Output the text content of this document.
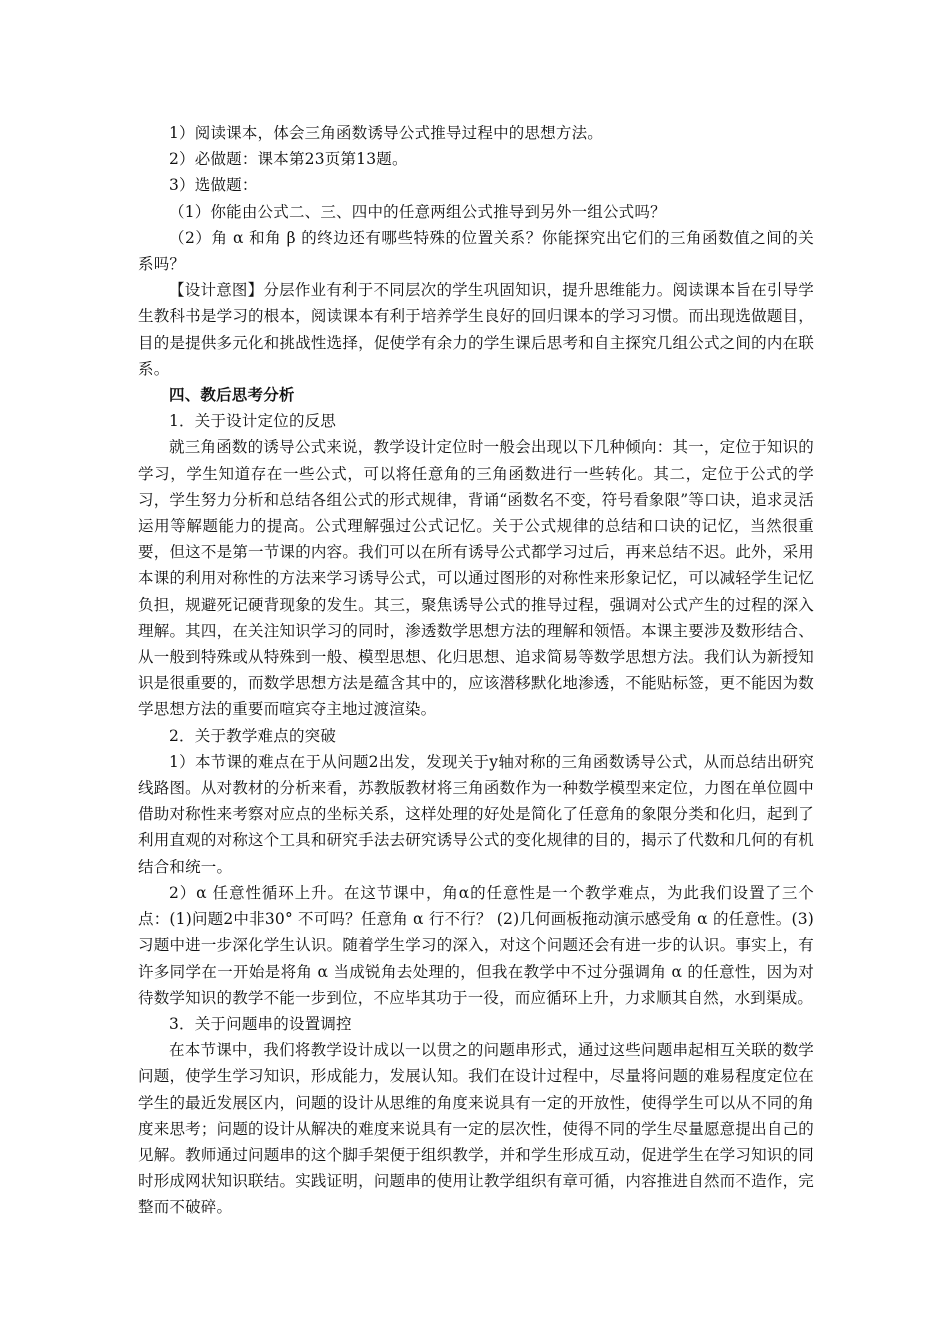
1）阅读课本，体会三角函数诱导公式推导过程中的思想方法。

2）必做题：课本第23页第13题。

3）选做题：

（1）你能由公式二、三、四中的任意两组公式推导到另外一组公式吗？

（2）角 α 和角 β 的终边还有哪些特殊的位置关系？你能探究出它们的三角函数值之间的关系吗？

【设计意图】分层作业有利于不同层次的学生巩固知识，提升思维能力。阅读课本旨在引导学生教科书是学习的根本，阅读课本有利于培养学生良好的回归课本的学习习惯。而出现选做题目，目的是提供多元化和挑战性选择，促使学有余力的学生课后思考和自主探究几组公式之间的内在联系。

四、教后思考分析

1．关于设计定位的反思

就三角函数的诱导公式来说，教学设计定位时一般会出现以下几种倾向：其一，定位于知识的学习，学生知道存在一些公式，可以将任意角的三角函数进行一些转化。其二，定位于公式的学习，学生努力分析和总结各组公式的形式规律，背诵“函数名不变，符号看象限”等口诀，追求灵活运用等解题能力的提高。公式理解强过公式记忆。关于公式规律的总结和口诀的记忆，当然很重要，但这不是第一节课的内容。我们可以在所有诱导公式都学习过后，再来总结不迟。此外，采用本课的利用对称性的方法来学习诱导公式，可以通过图形的对称性来形象记忆，可以减轻学生记忆负担，规避死记硬背现象的发生。其三，聚焦诱导公式的推导过程，强调对公式产生的过程的深入理解。其四，在关注知识学习的同时，渗透数学思想方法的理解和领悟。本课主要涉及数形结合、从一般到特殊或从特殊到一般、模型思想、化归思想、追求简易等数学思想方法。我们认为新授知识是很重要的，而数学思想方法是蕴含其中的，应该潜移默化地渗透，不能贴标签，更不能因为数学思想方法的重要而喧宾夺主地过渡渲染。

2．关于教学难点的突破

1）本节课的难点在于从问题2出发，发现关于y轴对称的三角函数诱导公式，从而总结出研究线路图。从对教材的分析来看，苏教版教材将三角函数作为一种数学模型来定位，力图在单位圆中借助对称性来考察对应点的坐标关系，这样处理的好处是简化了任意角的象限分类和化归，起到了利用直观的对称这个工具和研究手法去研究诱导公式的变化规律的目的，揭示了代数和几何的有机结合和统一。

2）α 任意性循环上升。在这节课中，角α的任意性是一个教学难点，为此我们设置了三个点：(1)问题2中非30° 不可吗？任意角 α 行不行？ (2)几何画板拖动演示感受角 α 的任意性。(3)习题中进一步深化学生认识。随着学生学习的深入，对这个问题还会有进一步的认识。事实上，有许多同学在一开始是将角 α 当成锐角去处理的，但我在教学中不过分强调角 α 的任意性，因为对待数学知识的教学不能一步到位，不应毕其功于一役，而应循环上升，力求顺其自然，水到渠成。

3．关于问题串的设置调控

在本节课中，我们将教学设计成以一以贯之的问题串形式，通过这些问题串起相互关联的数学问题，使学生学习知识，形成能力，发展认知。我们在设计过程中，尽量将问题的难易程度定位在学生的最近发展区内，问题的设计从思维的角度来说具有一定的开放性，使得学生可以从不同的角度来思考；问题的设计从解决的难度来说具有一定的层次性，使得不同的学生尽量愿意提出自己的见解。教师通过问题串的这个脚手架便于组织教学，并和学生形成互动，促进学生在学习知识的同时形成网状知识联结。实践证明，问题串的使用让教学组织有章可循，内容推进自然而不造作，完整而不破碎。
